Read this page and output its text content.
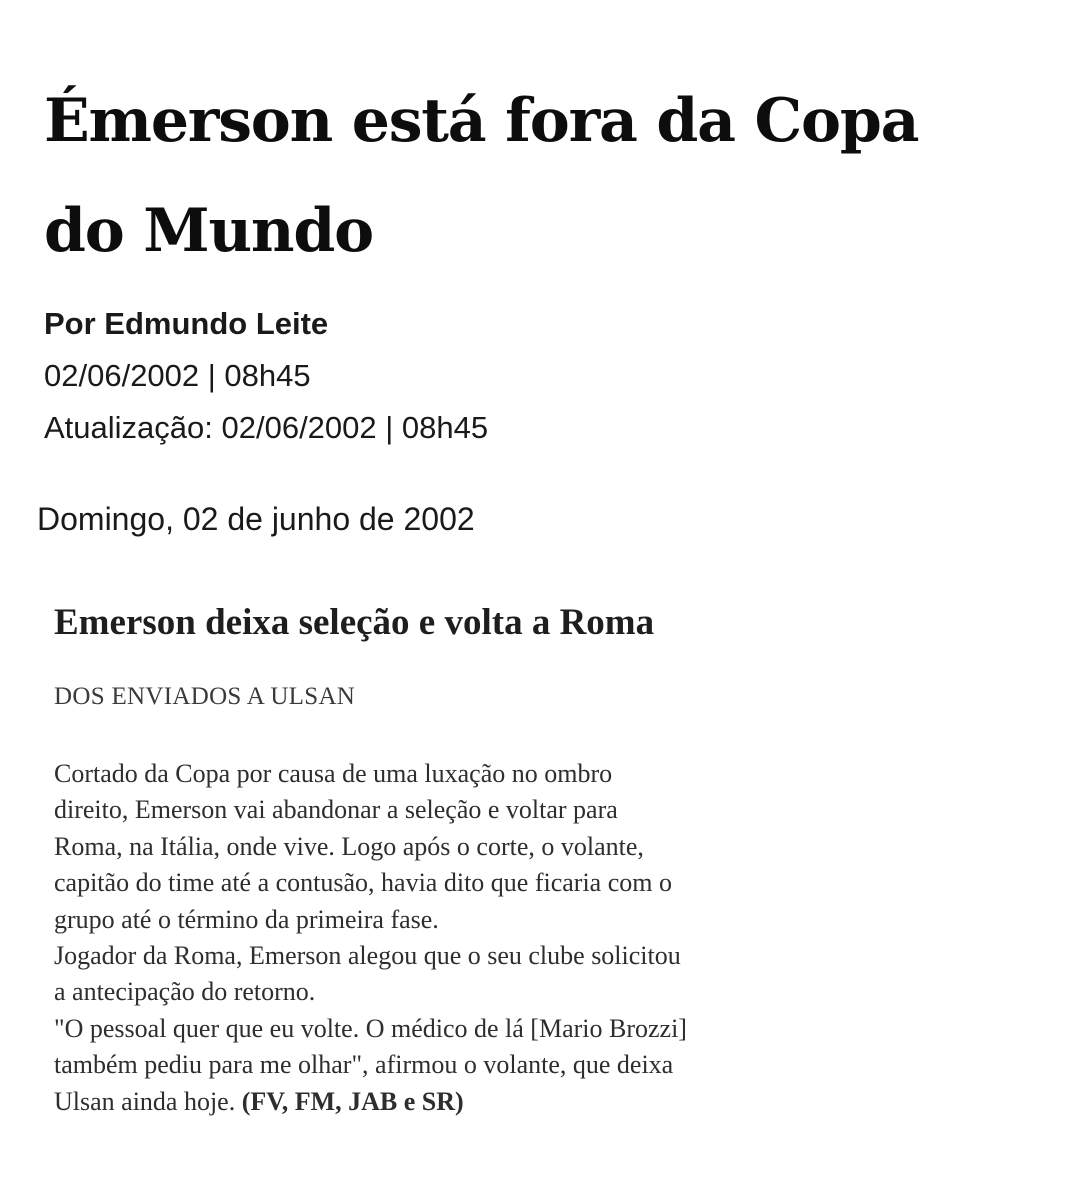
Émerson está fora da Copa
do Mundo
Por Edmundo Leite
02/06/2002 | 08h45
Atualização: 02/06/2002 | 08h45
Domingo, 02 de junho de 2002
Emerson deixa seleção e volta a Roma
DOS ENVIADOS A ULSAN
Cortado da Copa por causa de uma luxação no ombro
direito, Emerson vai abandonar a seleção e voltar para
Roma, na Itália, onde vive. Logo após o corte, o volante,
capitão do time até a contusão, havia dito que ficaria com o
grupo até o término da primeira fase.
Jogador da Roma, Emerson alegou que o seu clube solicitou
a antecipação do retorno.
"O pessoal quer que eu volte. O médico de lá [Mario Brozzi]
também pediu para me olhar", afirmou o volante, que deixa
Ulsan ainda hoje. (FV, FM, JAB e SR)
